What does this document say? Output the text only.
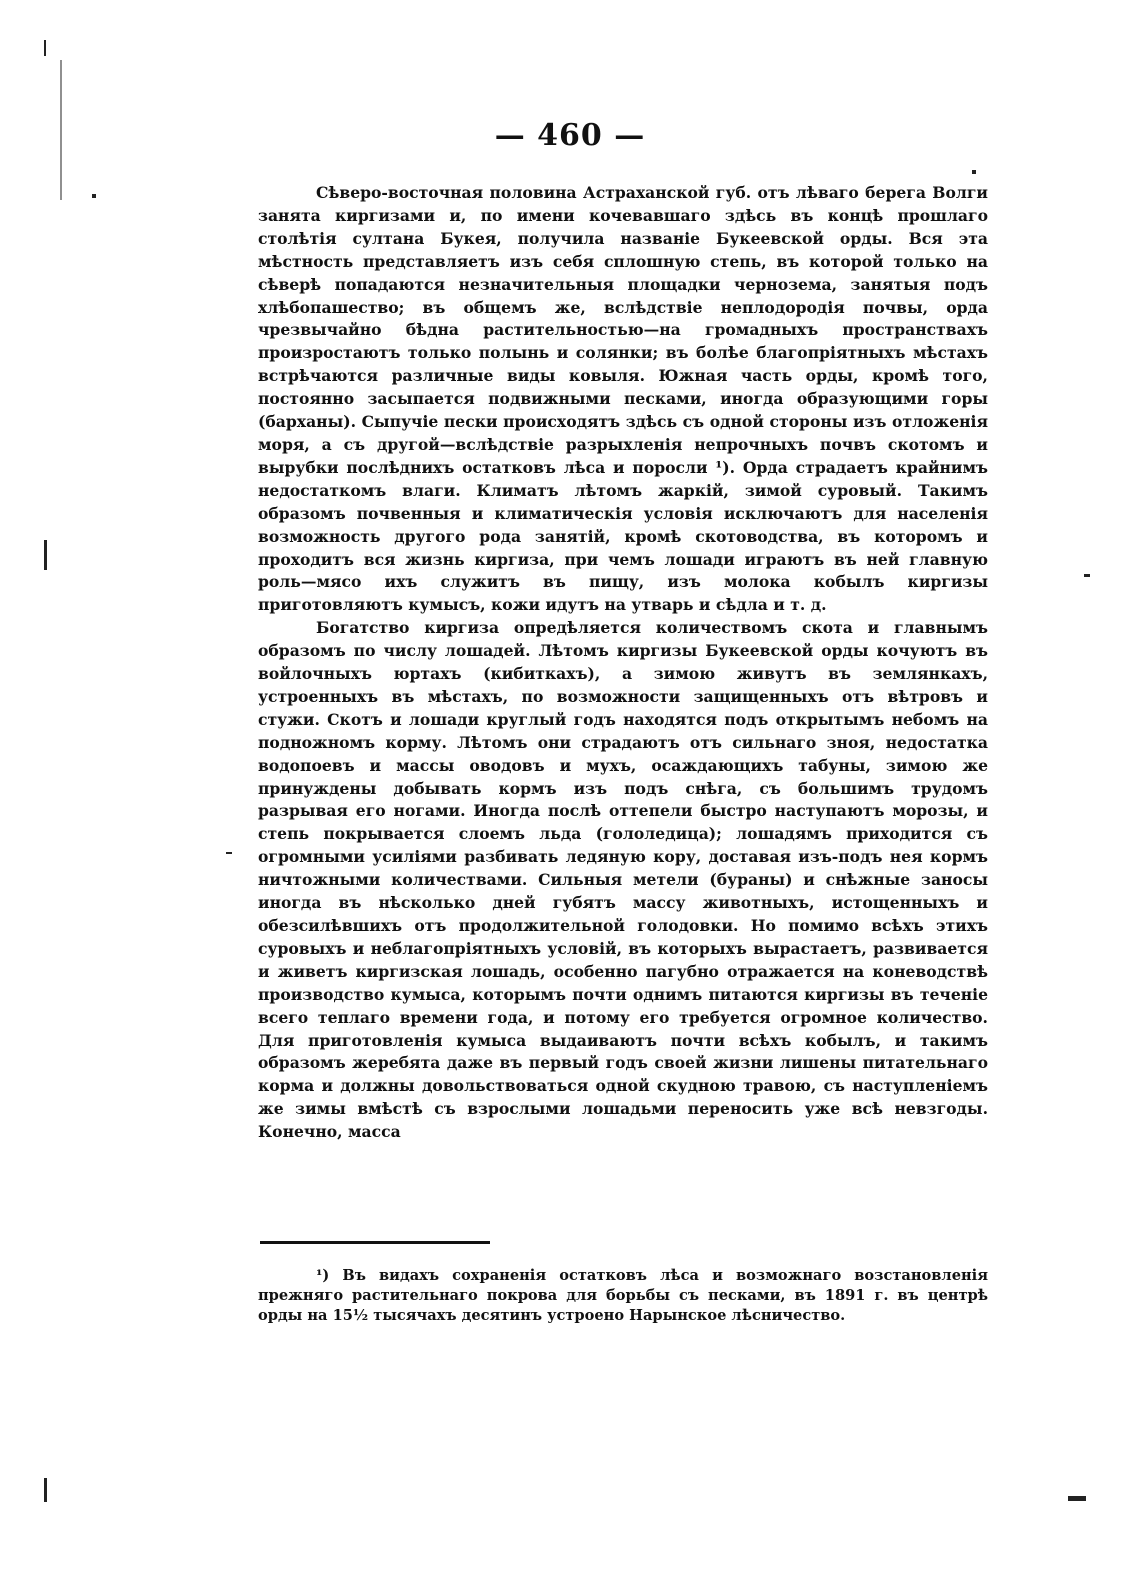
— 460 —

Сѣверо-восточная половина Астраханской губ. отъ лѣваго берега Волги занята киргизами и, по имени кочевавшаго здѣсь въ концѣ прошлаго столѣтія султана Букея, получила названіе Букеевской орды. Вся эта мѣстность представляетъ изъ себя сплошную степь, въ которой только на сѣверѣ попадаются незначительныя площадки чернозема, занятыя подъ хлѣбопашество; въ общемъ же, вслѣдствіе неплодородія почвы, орда чрезвычайно бѣдна растительностью—на громадныхъ пространствахъ произростаютъ только полынь и солянки; въ болѣе благопріятныхъ мѣстахъ встрѣчаются различные виды ковыля. Южная часть орды, кромѣ того, постоянно засыпается подвижными песками, иногда образующими горы (барханы). Сыпучіе пески происходятъ здѣсь съ одной стороны изъ отложенія моря, а съ другой—вслѣдствіе разрыхленія непрочныхъ почвъ скотомъ и вырубки послѣднихъ остатковъ лѣса и поросли ¹). Орда страдаетъ крайнимъ недостаткомъ влаги. Климатъ лѣтомъ жаркій, зимой суровый. Такимъ образомъ почвенныя и климатическія условія исключаютъ для населенія возможность другого рода занятій, кромѣ скотоводства, въ которомъ и проходитъ вся жизнь киргиза, при чемъ лошади играютъ въ ней главную роль—мясо ихъ служитъ въ пищу, изъ молока кобылъ киргизы приготовляютъ кумысъ, кожи идутъ на утварь и сѣдла и т. д.

Богатство киргиза опредѣляется количествомъ скота и главнымъ образомъ по числу лошадей. Лѣтомъ киргизы Букеевской орды кочуютъ въ войлочныхъ юртахъ (кибиткахъ), а зимою живутъ въ землянкахъ, устроенныхъ въ мѣстахъ, по возможности защищенныхъ отъ вѣтровъ и стужи. Скотъ и лошади круглый годъ находятся подъ открытымъ небомъ на подножномъ корму. Лѣтомъ они страдаютъ отъ сильнаго зноя, недостатка водопоевъ и массы оводовъ и мухъ, осаждающихъ табуны, зимою же принуждены добывать кормъ изъ подъ снѣга, съ большимъ трудомъ разрывая его ногами. Иногда послѣ оттепели быстро наступаютъ морозы, и степь покрывается слоемъ льда (гололедица); лошадямъ приходится съ огромными усиліями разбивать ледяную кору, доставая изъ-подъ нея кормъ ничтожными количествами. Сильныя метели (бураны) и снѣжные заносы иногда въ нѣсколько дней губятъ массу животныхъ, истощенныхъ и обезсилѣвшихъ отъ продолжительной голодовки. Но помимо всѣхъ этихъ суровыхъ и неблагопріятныхъ условій, въ которыхъ вырастаетъ, развивается и живетъ киргизская лошадь, особенно пагубно отражается на коневодствѣ производство кумыса, которымъ почти однимъ питаются киргизы въ теченіе всего теплаго времени года, и потому его требуется огромное количество. Для приготовленія кумыса выдаиваютъ почти всѣхъ кобылъ, и такимъ образомъ жеребята даже въ первый годъ своей жизни лишены питательнаго корма и должны довольствоваться одной скудною травою, съ наступленіемъ же зимы вмѣстѣ съ взрослыми лошадьми переносить уже всѣ невзгоды. Конечно, масса

¹) Въ видахъ сохраненія остатковъ лѣса и возможнаго возстановленія прежняго растительнаго покрова для борьбы съ песками, въ 1891 г. въ центрѣ орды на 15½ тысячахъ десятинъ устроено Нарынское лѣсничество.
